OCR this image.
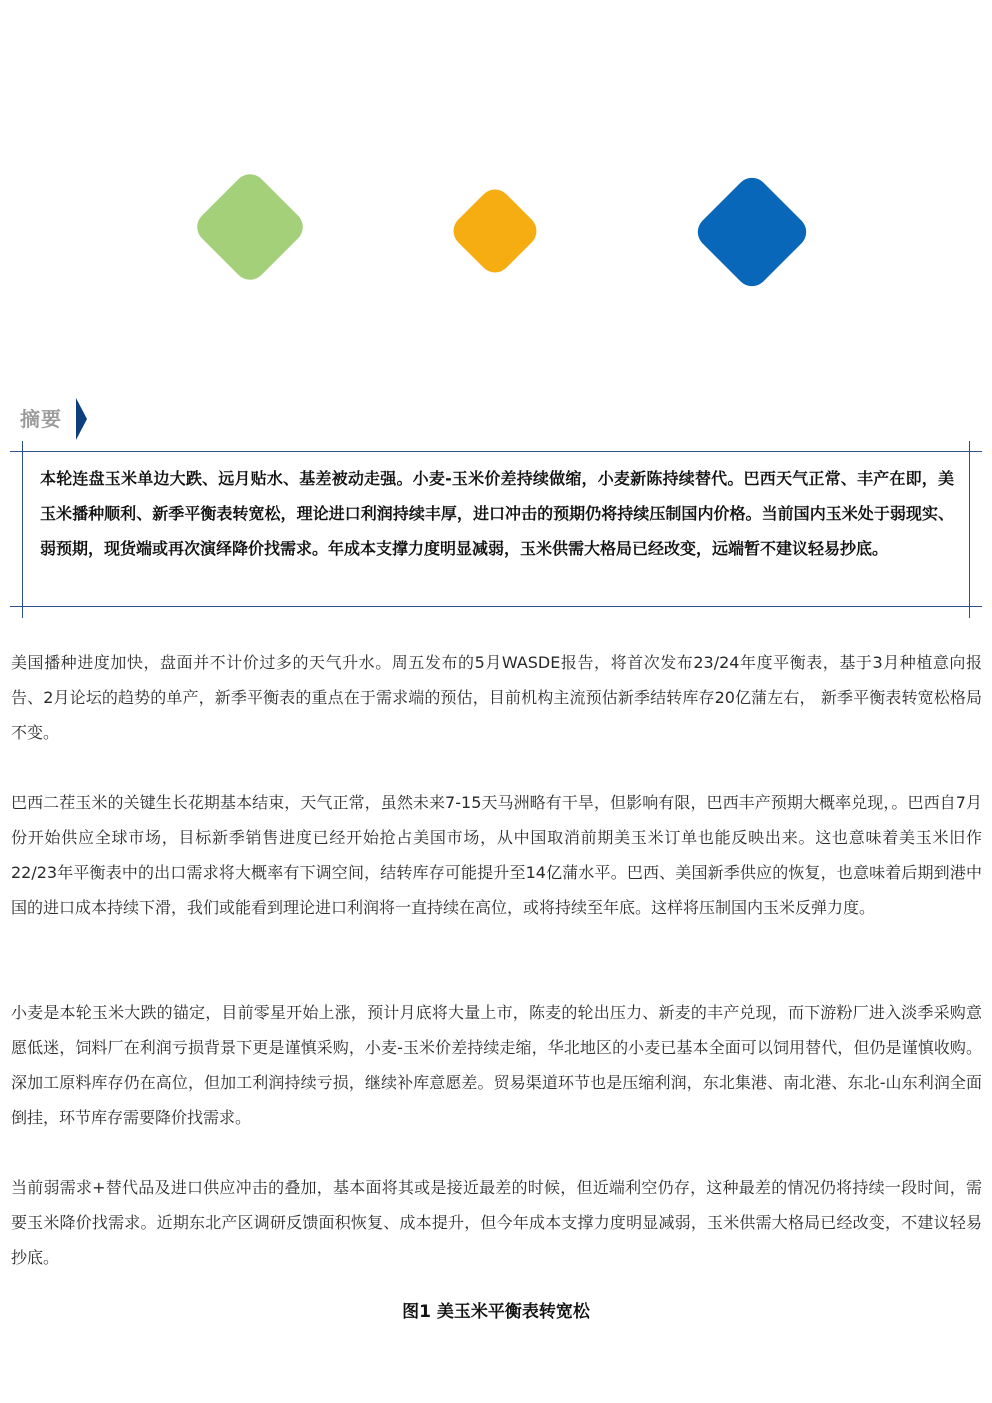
摘要
本轮连盘玉米单边大跌、远月贴水、基差被动走强。小麦-玉米价差持续做缩，小麦新陈持续替代。巴西天气正常、丰产在即，美玉米播种顺利、新季平衡表转宽松，理论进口利润持续丰厚，进口冲击的预期仍将持续压制国内价格。当前国内玉米处于弱现实、弱预期，现货端或再次演绎降价找需求。年成本支撑力度明显减弱，玉米供需大格局已经改变，远端暂不建议轻易抄底。

美国播种进度加快，盘面并不计价过多的天气升水。周五发布的5月WASDE报告，将首次发布23/24年度平衡表，基于3月种植意向报告、2月论坛的趋势的单产，新季平衡表的重点在于需求端的预估，目前机构主流预估新季结转库存20亿蒲左右， 新季平衡表转宽松格局不变。

巴西二茬玉米的关键生长花期基本结束，天气正常，虽然未来7-15天马洲略有干旱，但影响有限，巴西丰产预期大概率兑现，。巴西自7月份开始供应全球市场，目标新季销售进度已经开始抢占美国市场，从中国取消前期美玉米订单也能反映出来。这也意味着美玉米旧作22/23年平衡表中的出口需求将大概率有下调空间，结转库存可能提升至14亿蒲水平。巴西、美国新季供应的恢复，也意味着后期到港中国的进口成本持续下滑，我们或能看到理论进口利润将一直持续在高位，或将持续至年底。这样将压制国内玉米反弹力度。

小麦是本轮玉米大跌的锚定，目前零星开始上涨，预计月底将大量上市，陈麦的轮出压力、新麦的丰产兑现，而下游粉厂进入淡季采购意愿低迷，饲料厂在利润亏损背景下更是谨慎采购，小麦-玉米价差持续走缩，华北地区的小麦已基本全面可以饲用替代，但仍是谨慎收购。深加工原料库存仍在高位，但加工利润持续亏损，继续补库意愿差。贸易渠道环节也是压缩利润，东北集港、南北港、东北-山东利润全面倒挂，环节库存需要降价找需求。

当前弱需求+替代品及进口供应冲击的叠加，基本面将其或是接近最差的时候，但近端利空仍存，这种最差的情况仍将持续一段时间，需要玉米降价找需求。近期东北产区调研反馈面积恢复、成本提升，但今年成本支撑力度明显减弱，玉米供需大格局已经改变，不建议轻易抄底。

图1 美玉米平衡表转宽松
